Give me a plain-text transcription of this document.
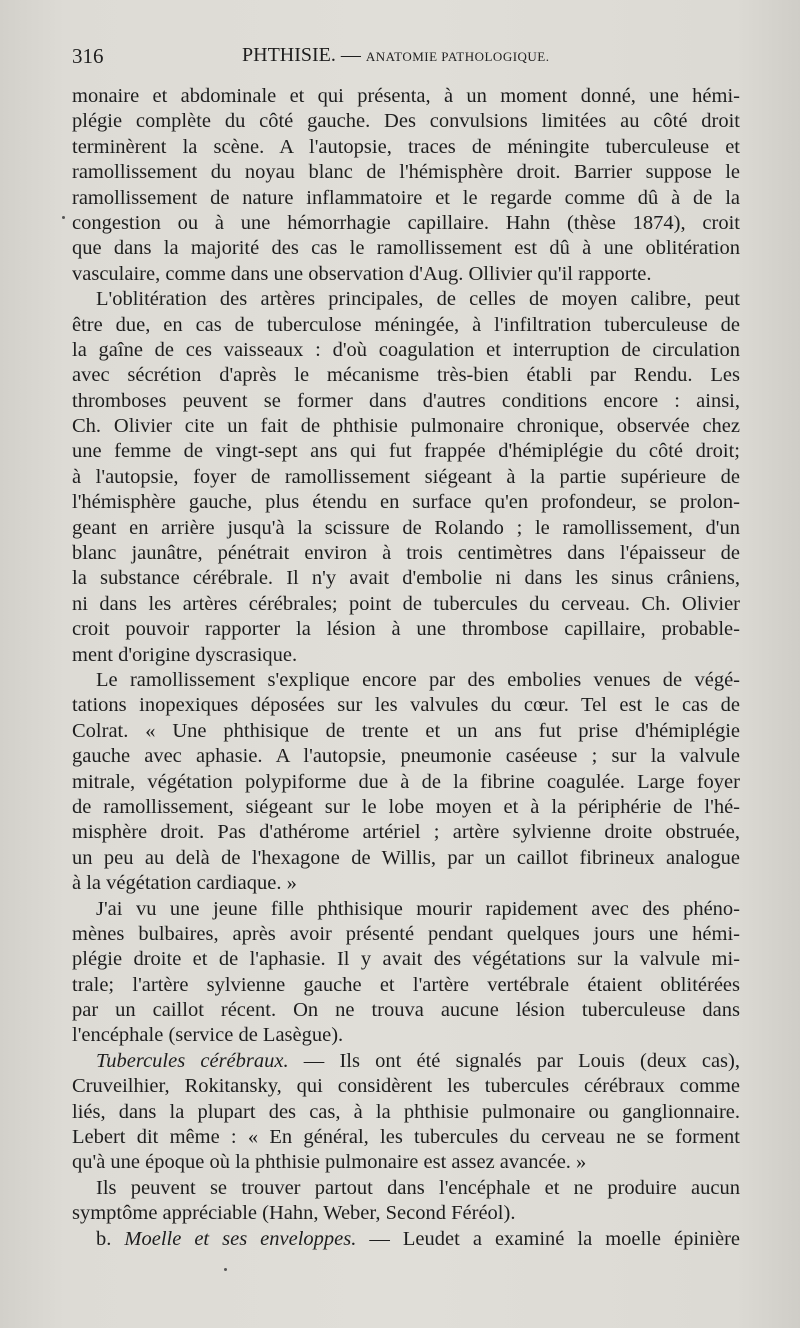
316	PHTHISIE. — ANATOMIE PATHOLOGIQUE.
monaire et abdominale et qui présenta, à un moment donné, une hémi-
plégie complète du côté gauche. Des convulsions limitées au côté droit
terminèrent la scène. A l'autopsie, traces de méningite tuberculeuse et
ramollissement du noyau blanc de l'hémisphère droit. Barrier suppose le
ramollissement de nature inflammatoire et le regarde comme dû à de la
congestion ou à une hémorrhagie capillaire. Hahn (thèse 1874), croit
que dans la majorité des cas le ramollissement est dû à une oblitération
vasculaire, comme dans une observation d'Aug. Ollivier qu'il rapporte.
L'oblitération des artères principales, de celles de moyen calibre, peut
être due, en cas de tuberculose méningée, à l'infiltration tuberculeuse de
la gaîne de ces vaisseaux : d'où coagulation et interruption de circulation
avec sécrétion d'après le mécanisme très-bien établi par Rendu. Les
thromboses peuvent se former dans d'autres conditions encore : ainsi,
Ch. Olivier cite un fait de phthisie pulmonaire chronique, observée chez
une femme de vingt-sept ans qui fut frappée d'hémiplégie du côté droit;
à l'autopsie, foyer de ramollissement siégeant à la partie supérieure de
l'hémisphère gauche, plus étendu en surface qu'en profondeur, se prolon-
geant en arrière jusqu'à la scissure de Rolando ; le ramollissement, d'un
blanc jaunâtre, pénétrait environ à trois centimètres dans l'épaisseur de
la substance cérébrale. Il n'y avait d'embolie ni dans les sinus crâniens,
ni dans les artères cérébrales; point de tubercules du cerveau. Ch. Olivier
croit pouvoir rapporter la lésion à une thrombose capillaire, probable-
ment d'origine dyscrasique.
Le ramollissement s'explique encore par des embolies venues de végé-
tations inopexiques déposées sur les valvules du cœur. Tel est le cas de
Colrat. « Une phthisique de trente et un ans fut prise d'hémiplégie
gauche avec aphasie. A l'autopsie, pneumonie caséeuse ; sur la valvule
mitrale, végétation polypiforme due à de la fibrine coagulée. Large foyer
de ramollissement, siégeant sur le lobe moyen et à la périphérie de l'hé-
misphère droit. Pas d'athérome artériel ; artère sylvienne droite obstruée,
un peu au delà de l'hexagone de Willis, par un caillot fibrineux analogue
à la végétation cardiaque. »
J'ai vu une jeune fille phthisique mourir rapidement avec des phéno-
mènes bulbaires, après avoir présenté pendant quelques jours une hémi-
plégie droite et de l'aphasie. Il y avait des végétations sur la valvule mi-
trale; l'artère sylvienne gauche et l'artère vertébrale étaient oblitérées
par un caillot récent. On ne trouva aucune lésion tuberculeuse dans
l'encéphale (service de Lasègue).
Tubercules cérébraux. — Ils ont été signalés par Louis (deux cas),
Cruveilhier, Rokitansky, qui considèrent les tubercules cérébraux comme
liés, dans la plupart des cas, à la phthisie pulmonaire ou ganglionnaire.
Lebert dit même : « En général, les tubercules du cerveau ne se forment
qu'à une époque où la phthisie pulmonaire est assez avancée. »
Ils peuvent se trouver partout dans l'encéphale et ne produire aucun
symptôme appréciable (Hahn, Weber, Second Féréol).
b. Moelle et ses enveloppes. — Leudet a examiné la moelle épinière
